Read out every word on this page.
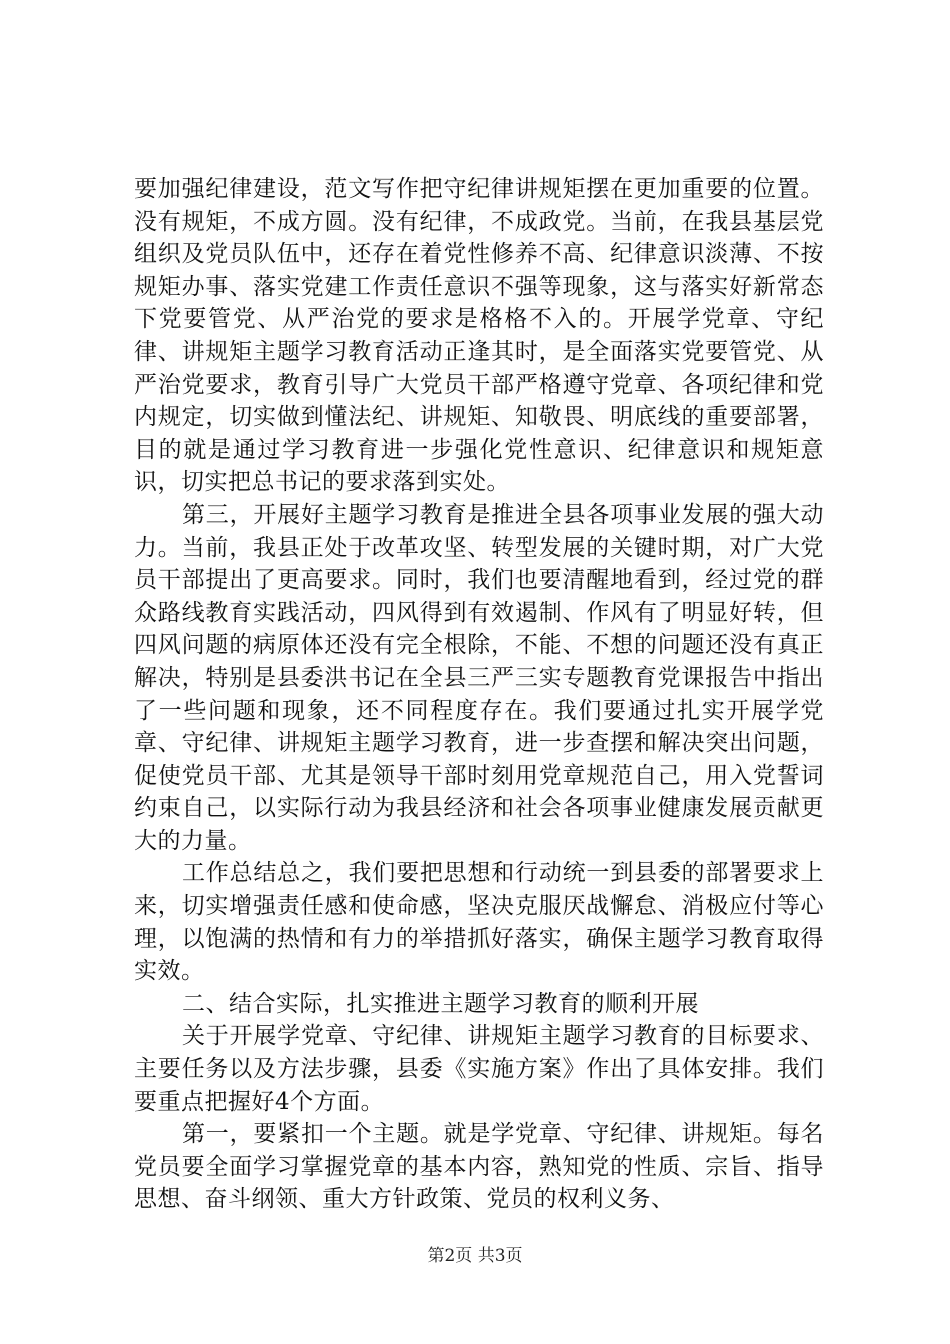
要加强纪律建设，范文写作把守纪律讲规矩摆在更加重要的位置。没有规矩，不成方圆。没有纪律，不成政党。当前，在我县基层党组织及党员队伍中，还存在着党性修养不高、纪律意识淡薄、不按规矩办事、落实党建工作责任意识不强等现象，这与落实好新常态下党要管党、从严治党的要求是格格不入的。开展学党章、守纪律、讲规矩主题学习教育活动正逢其时，是全面落实党要管党、从严治党要求，教育引导广大党员干部严格遵守党章、各项纪律和党内规定，切实做到懂法纪、讲规矩、知敬畏、明底线的重要部署，目的就是通过学习教育进一步强化党性意识、纪律意识和规矩意识，切实把总书记的要求落到实处。

第三，开展好主题学习教育是推进全县各项事业发展的强大动力。当前，我县正处于改革攻坚、转型发展的关键时期，对广大党员干部提出了更高要求。同时，我们也要清醒地看到，经过党的群众路线教育实践活动，四风得到有效遏制、作风有了明显好转，但四风问题的病原体还没有完全根除，不能、不想的问题还没有真正解决，特别是县委洪书记在全县三严三实专题教育党课报告中指出了一些问题和现象，还不同程度存在。我们要通过扎实开展学党章、守纪律、讲规矩主题学习教育，进一步查摆和解决突出问题，促使党员干部、尤其是领导干部时刻用党章规范自己，用入党誓词约束自己，以实际行动为我县经济和社会各项事业健康发展贡献更大的力量。

工作总结总之，我们要把思想和行动统一到县委的部署要求上来，切实增强责任感和使命感，坚决克服厌战懈怠、消极应付等心理，以饱满的热情和有力的举措抓好落实，确保主题学习教育取得实效。

二、结合实际，扎实推进主题学习教育的顺利开展

关于开展学党章、守纪律、讲规矩主题学习教育的目标要求、主要任务以及方法步骤，县委《实施方案》作出了具体安排。我们要重点把握好4个方面。

第一，要紧扣一个主题。就是学党章、守纪律、讲规矩。每名党员要全面学习掌握党章的基本内容，熟知党的性质、宗旨、指导思想、奋斗纲领、重大方针政策、党员的权利义务、

第2页 共3页
